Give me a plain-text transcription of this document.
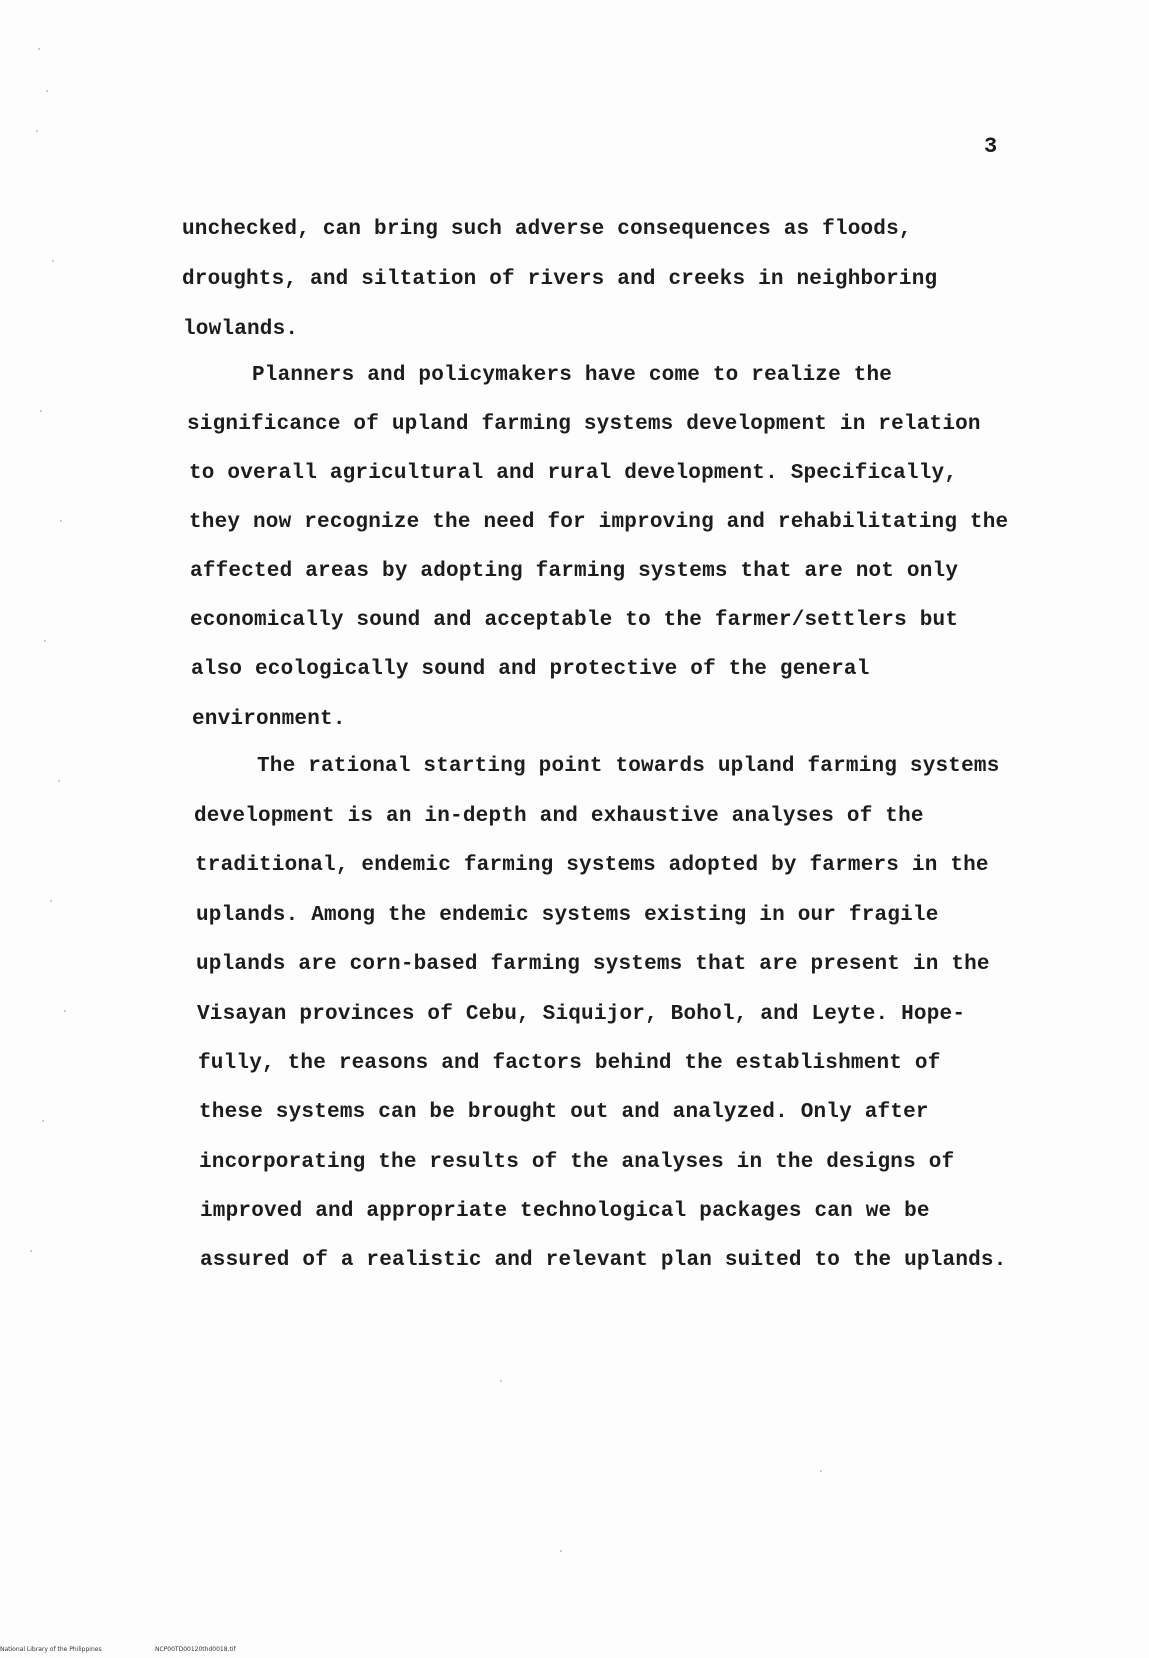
3
unchecked, can bring such adverse consequences as floods,
droughts, and siltation of rivers and creeks in neighboring
lowlands.
Planners and policymakers have come to realize the
significance of upland farming systems development in relation
to overall agricultural and rural development. Specifically,
they now recognize the need for improving and rehabilitating the
affected areas by adopting farming systems that are not only
economically sound and acceptable to the farmer/settlers but
also ecologically sound and protective of the general
environment.
The rational starting point towards upland farming systems
development is an in-depth and exhaustive analyses of the
traditional, endemic farming systems adopted by farmers in the
uplands. Among the endemic systems existing in our fragile
uplands are corn-based farming systems that are present in the
Visayan provinces of Cebu, Siquijor, Bohol, and Leyte. Hope-
fully, the reasons and factors behind the establishment of
these systems can be brought out and analyzed. Only after
incorporating the results of the analyses in the designs of
improved and appropriate technological packages can we be
assured of a realistic and relevant plan suited to the uplands.
National Library of the Philippines	NCP00TD00120thd0018.tif
